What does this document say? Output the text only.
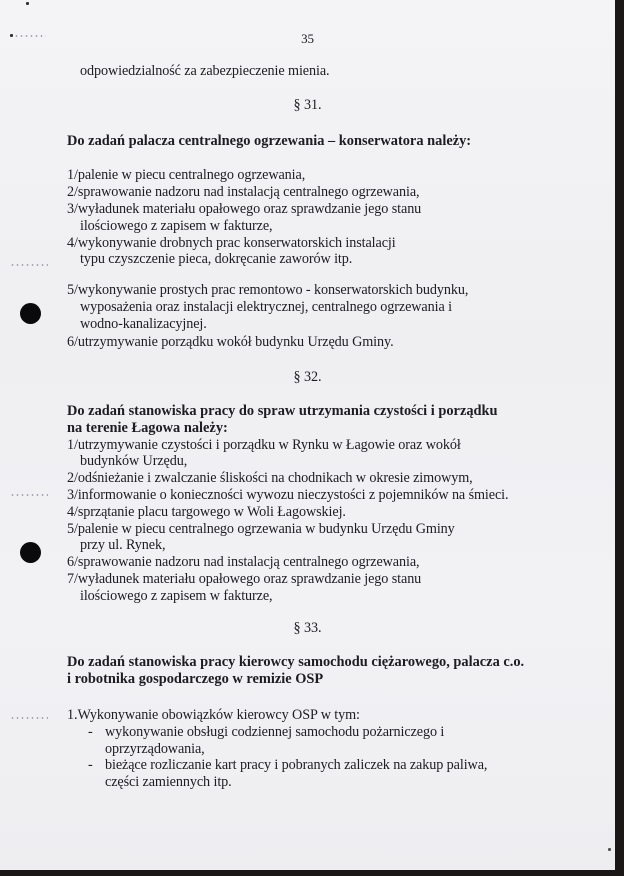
35
odpowiedzialność za zabezpieczenie mienia.
§ 31.
Do zadań palacza centralnego ogrzewania – konserwatora należy:
1/palenie w piecu centralnego ogrzewania,
2/sprawowanie nadzoru nad instalacją centralnego ogrzewania,
3/wyładunek materiału opałowego oraz sprawdzanie jego stanu
ilościowego z zapisem w fakturze,
4/wykonywanie drobnych prac konserwatorskich instalacji
typu czyszczenie pieca, dokręcanie zaworów itp.
5/wykonywanie prostych prac remontowo - konserwatorskich budynku,
wyposażenia oraz instalacji elektrycznej, centralnego ogrzewania i
wodno-kanalizacyjnej.
6/utrzymywanie porządku wokół budynku Urzędu Gminy.
§ 32.
Do zadań stanowiska pracy do spraw utrzymania czystości i porządku
na terenie Łagowa należy:
1/utrzymywanie czystości i porządku w Rynku w Łagowie oraz wokół
budynków Urzędu,
2/odśnieżanie i zwalczanie śliskości na chodnikach w okresie zimowym,
3/informowanie o konieczności wywozu nieczystości z pojemników na śmieci.
4/sprzątanie placu targowego w Woli Łagowskiej.
5/palenie w piecu centralnego ogrzewania w budynku Urzędu Gminy
przy ul. Rynek,
6/sprawowanie nadzoru nad instalacją centralnego ogrzewania,
7/wyładunek materiału opałowego oraz sprawdzanie jego stanu
ilościowego z zapisem w fakturze,
§ 33.
Do zadań stanowiska pracy kierowcy samochodu ciężarowego, palacza c.o.
i robotnika gospodarczego w remizie OSP
1.Wykonywanie obowiązków kierowcy OSP w tym:
- wykonywanie obsługi codziennej samochodu pożarniczego i
oprzyrządowania,
- bieżące rozliczanie kart pracy i pobranych zaliczek na zakup paliwa,
części zamiennych itp.
